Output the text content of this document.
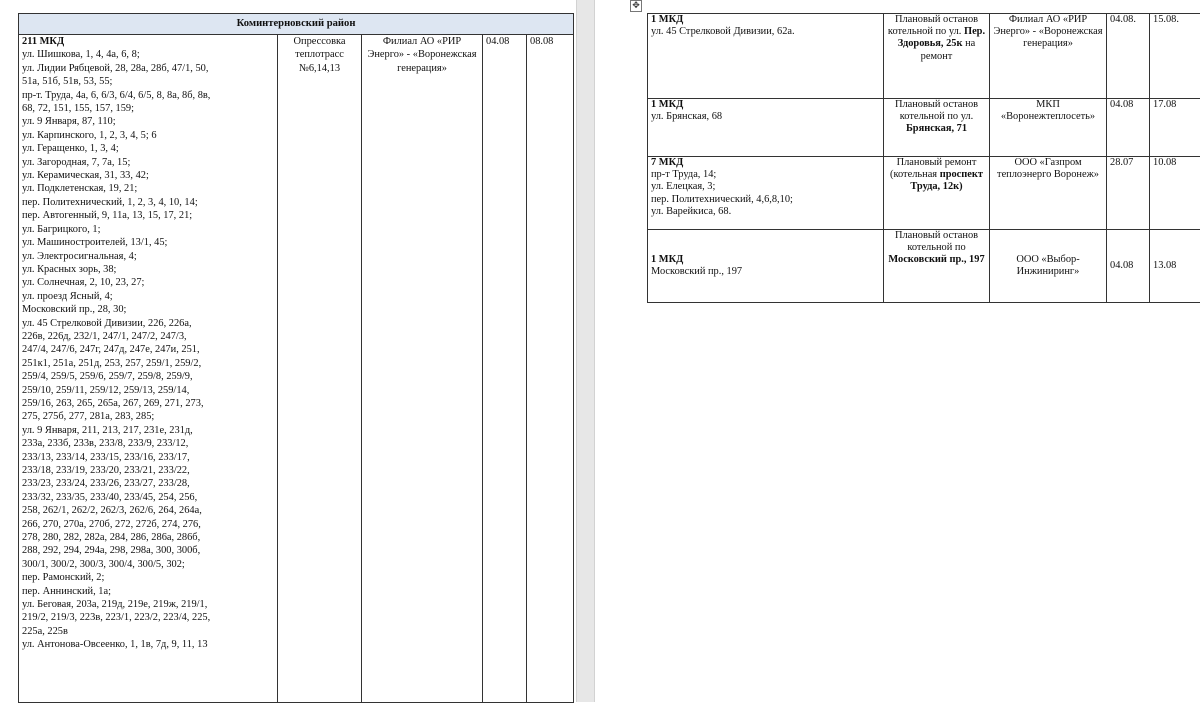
Коминтерновский район

211 МКД
ул. Шишкова, 1, 4, 4а, 6, 8;
ул. Лидии Рябцевой, 28, 28а, 28б, 47/1, 50,
51а, 51б, 51в, 53, 55;
пр-т. Труда, 4а, 6, 6/3, 6/4, 6/5, 8, 8а, 8б, 8в,
68, 72, 151, 155, 157, 159;
ул. 9 Января, 87, 110;
ул. Карпинского, 1, 2, 3, 4, 5; 6
ул. Геращенко, 1, 3, 4;
ул. Загородная, 7, 7а, 15;
ул. Керамическая, 31, 33, 42;
ул. Подклетенская, 19, 21;
пер. Политехнический, 1, 2, 3, 4, 10, 14;
пер. Автогенный, 9, 11а, 13, 15, 17, 21;
ул. Багрицкого, 1;
ул. Машиностроителей, 13/1, 45;
ул. Электросигнальная, 4;
ул. Красных зорь, 38;
ул. Солнечная, 2, 10, 23, 27;
ул. проезд Ясный, 4;
Московский пр., 28, 30;
ул. 45 Стрелковой Дивизии, 226, 226а,
226в, 226д, 232/1, 247/1, 247/2, 247/3,
247/4, 247/6, 247г, 247д, 247е, 247и, 251,
251к1, 251а, 251д, 253, 257, 259/1, 259/2,
259/4, 259/5, 259/6, 259/7, 259/8, 259/9,
259/10, 259/11, 259/12, 259/13, 259/14,
259/16, 263, 265, 265а, 267, 269, 271, 273,
275, 275б, 277, 281а, 283, 285;
ул. 9 Января, 211, 213, 217, 231е, 231д,
233а, 233б, 233в, 233/8, 233/9, 233/12,
233/13, 233/14, 233/15, 233/16, 233/17,
233/18, 233/19, 233/20, 233/21, 233/22,
233/23, 233/24, 233/26, 233/27, 233/28,
233/32, 233/35, 233/40, 233/45, 254, 256,
258, 262/1, 262/2, 262/3, 262/6, 264, 264а,
266, 270, 270а, 270б, 272, 272б, 274, 276,
278, 280, 282, 282а, 284, 286, 286а, 286б,
288, 292, 294, 294а, 298, 298а, 300, 300б,
300/1, 300/2, 300/3, 300/4, 300/5, 302;
пер. Рамонский, 2;
пер. Аннинский, 1а;
ул. Беговая, 203а, 219д, 219е, 219ж, 219/1,
219/2, 219/3, 223в, 223/1, 223/2, 223/4, 225,
225а, 225в
ул. Антонова-Овсеенко, 1, 1в, 7д, 9, 11, 13
	Опрессовка теплотрасс №6,14,13	Филиал АО «РИР Энерго» - «Воронежская генерация»	04.08	08.08
✥
1 МКД
ул. 45 Стрелковой Дивизии, 62а.	Плановый останов котельной по ул. Пер. Здоровья, 25к на ремонт	Филиал АО «РИР Энерго» - «Воронежская генерация»	04.08.	15.08.

1 МКД
ул. Брянская, 68	Плановый останов котельной по ул. Брянская, 71	МКП «Воронежтеплосеть»	04.08	17.08

7 МКД
пр-т Труда, 14;
ул. Елецкая, 3;
пер. Политехнический, 4,6,8,10;
ул. Варейкиса, 68.	Плановый ремонт (котельная проспект Труда, 12к)	ООО «Газпром теплоэнерго Воронеж»	28.07	10.08

1 МКД
Московский пр., 197	Плановый останов котельной по Московский пр., 197	ООО «Выбор-Инжиниринг»	04.08	13.08
